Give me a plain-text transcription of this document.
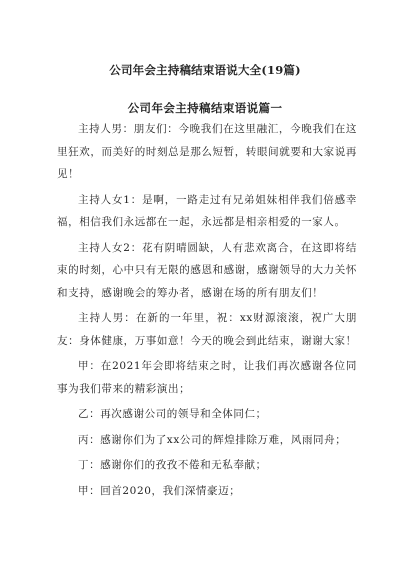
公司年会主持稿结束语说大全(19篇)
公司年会主持稿结束语说篇一

主持人男：朋友们：今晚我们在这里融汇，今晚我们在这里狂欢，而美好的时刻总是那么短暂，转眼间就要和大家说再见！

主持人女1：是啊，一路走过有兄弟姐妹相伴我们倍感幸福，相信我们永远都在一起，永远都是相亲相爱的一家人。

主持人女2：花有阴晴圆缺，人有悲欢离合，在这即将结束的时刻，心中只有无限的感恩和感谢，感谢领导的大力关怀和支持，感谢晚会的筹办者，感谢在场的所有朋友们！

主持人男：在新的一年里，祝：xx财源滚滚，祝广大朋友：身体健康，万事如意！今天的晚会到此结束，谢谢大家！

甲：在2021年会即将结束之时，让我们再次感谢各位同事为我们带来的精彩演出；

乙：再次感谢公司的领导和全体同仁；

丙：感谢你们为了xx公司的辉煌排除万难，风雨同舟；

丁：感谢你们的孜孜不倦和无私奉献；

甲：回首2020，我们深情豪迈；
